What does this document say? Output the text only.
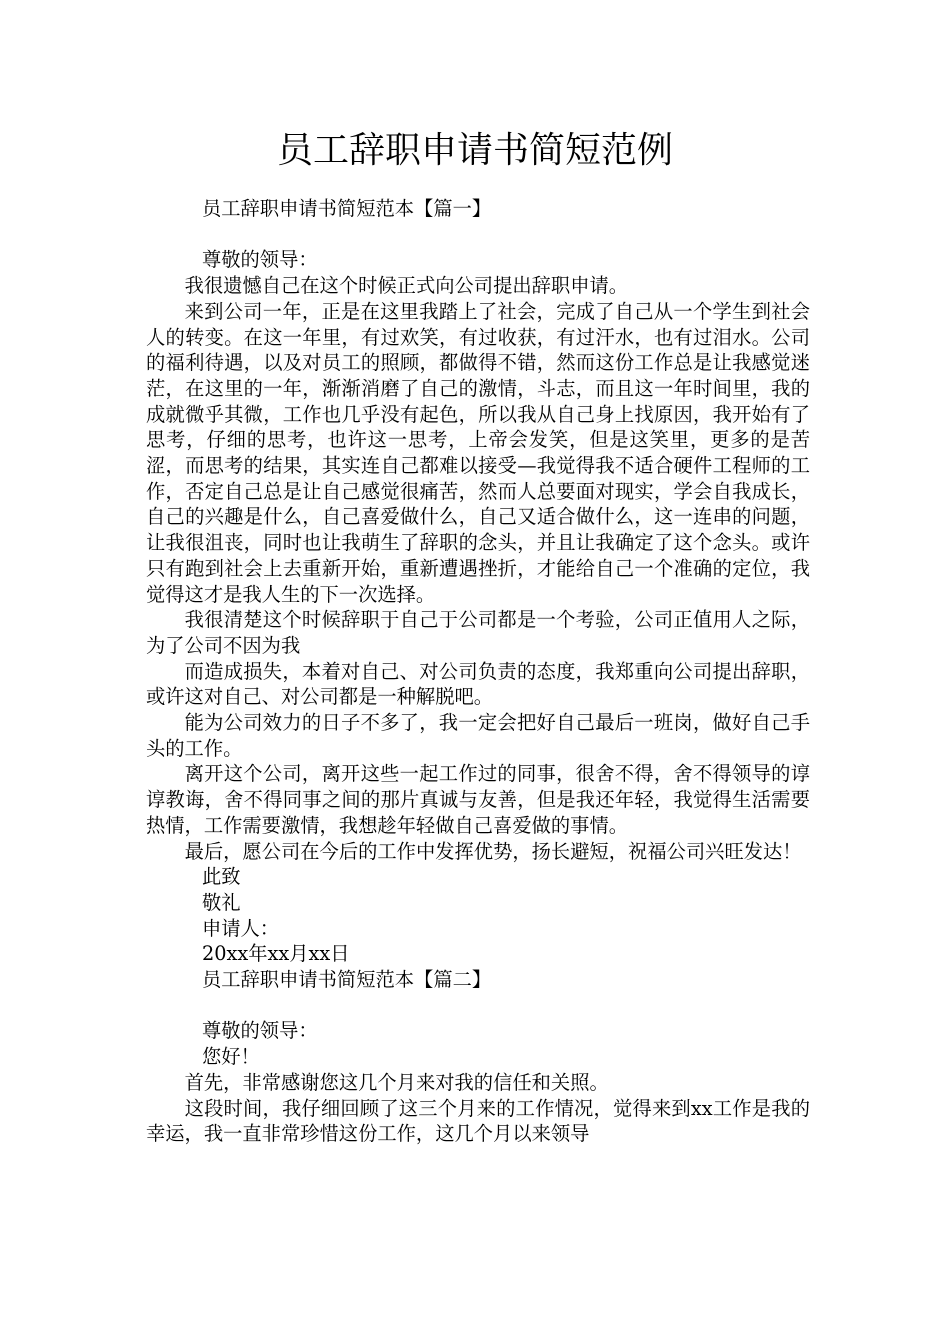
员工辞职申请书简短范例

员工辞职申请书简短范本【篇一】

尊敬的领导：

我很遗憾自己在这个时候正式向公司提出辞职申请。

来到公司一年，正是在这里我踏上了社会，完成了自己从一个学生到社会人的转变。在这一年里，有过欢笑，有过收获，有过汗水，也有过泪水。公司的福利待遇，以及对员工的照顾，都做得不错，然而这份工作总是让我感觉迷茫，在这里的一年，渐渐消磨了自己的激情，斗志，而且这一年时间里，我的成就微乎其微，工作也几乎没有起色，所以我从自己身上找原因，我开始有了思考，仔细的思考，也许这一思考，上帝会发笑，但是这笑里，更多的是苦涩，而思考的结果，其实连自己都难以接受—我觉得我不适合硬件工程师的工作，否定自己总是让自己感觉很痛苦，然而人总要面对现实，学会自我成长，自己的兴趣是什么，自己喜爱做什么，自己又适合做什么，这一连串的问题，让我很沮丧，同时也让我萌生了辞职的念头，并且让我确定了这个念头。或许只有跑到社会上去重新开始，重新遭遇挫折，才能给自己一个准确的定位，我觉得这才是我人生的下一次选择。

我很清楚这个时候辞职于自己于公司都是一个考验，公司正值用人之际，为了公司不因为我

而造成损失，本着对自己、对公司负责的态度，我郑重向公司提出辞职，或许这对自己、对公司都是一种解脱吧。

能为公司效力的日子不多了，我一定会把好自己最后一班岗，做好自己手头的工作。

离开这个公司，离开这些一起工作过的同事，很舍不得，舍不得领导的谆谆教诲，舍不得同事之间的那片真诚与友善，但是我还年轻，我觉得生活需要热情，工作需要激情，我想趁年轻做自己喜爱做的事情。

最后，愿公司在今后的工作中发挥优势，扬长避短，祝福公司兴旺发达！

此致

敬礼

申请人：

20xx年xx月xx日

员工辞职申请书简短范本【篇二】

尊敬的领导：

您好！

首先，非常感谢您这几个月来对我的信任和关照。

这段时间，我仔细回顾了这三个月来的工作情况，觉得来到xx工作是我的幸运，我一直非常珍惜这份工作，这几个月以来领导
